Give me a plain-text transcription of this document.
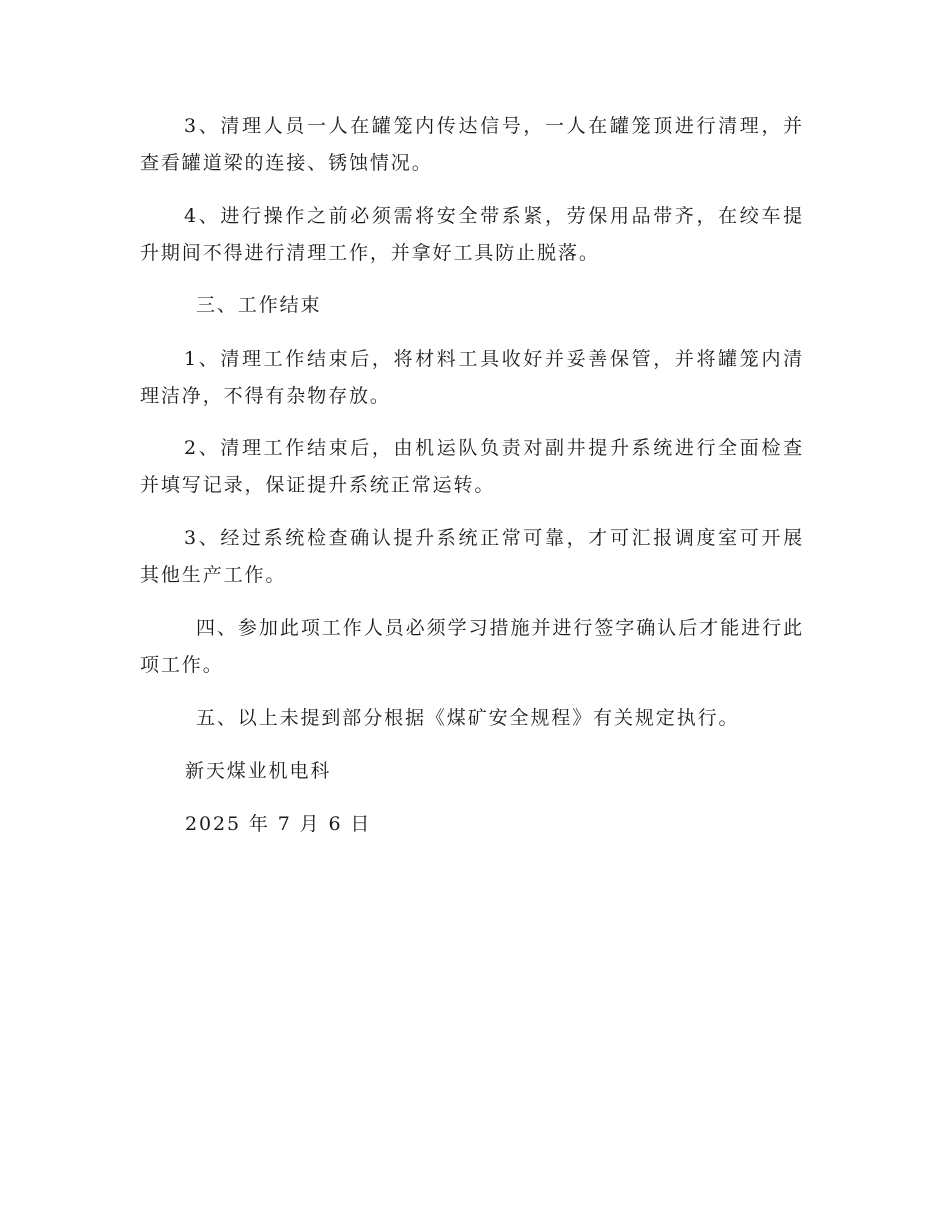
3、清理人员一人在罐笼内传达信号，一人在罐笼顶进行清理，并查看罐道梁的连接、锈蚀情况。

4、进行操作之前必须需将安全带系紧，劳保用品带齐，在绞车提升期间不得进行清理工作，并拿好工具防止脱落。

三、工作结束

1、清理工作结束后，将材料工具收好并妥善保管，并将罐笼内清理洁净，不得有杂物存放。

2、清理工作结束后，由机运队负责对副井提升系统进行全面检查并填写记录，保证提升系统正常运转。

3、经过系统检查确认提升系统正常可靠，才可汇报调度室可开展其他生产工作。

四、参加此项工作人员必须学习措施并进行签字确认后才能进行此项工作。

五、以上未提到部分根据《煤矿安全规程》有关规定执行。

新天煤业机电科

2025 年 7 月 6 日
